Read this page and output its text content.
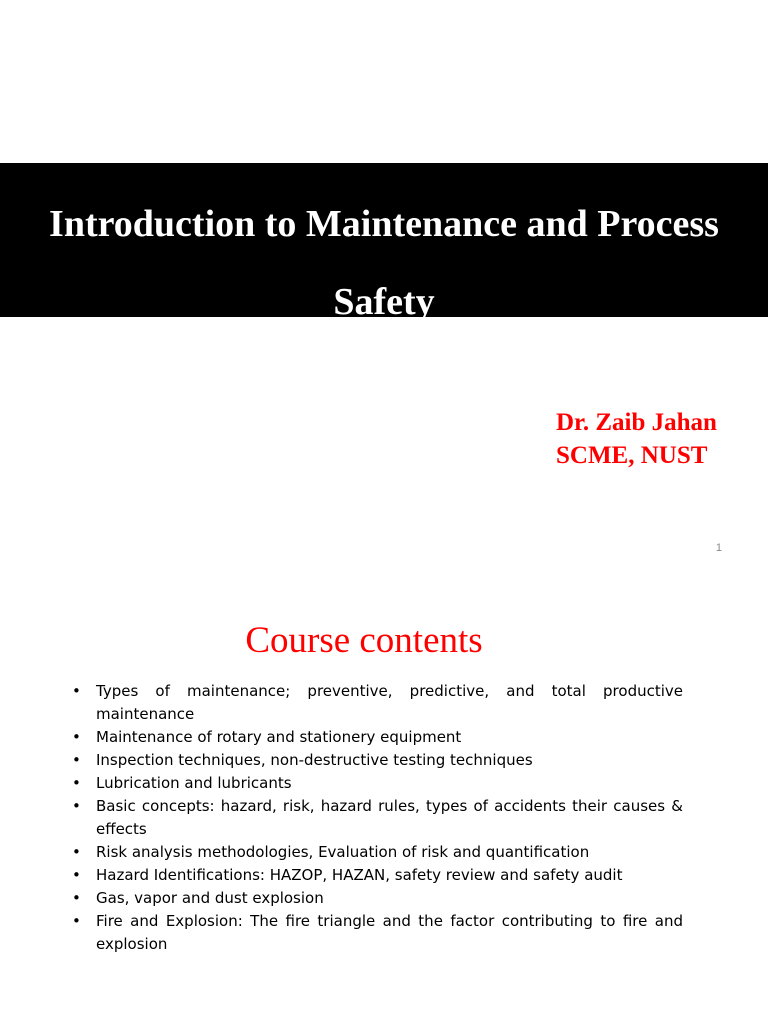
Introduction to Maintenance and Process Safety
Dr. Zaib Jahan
SCME, NUST
1
Course contents
• Types of maintenance; preventive, predictive, and total productive maintenance
• Maintenance of rotary and stationery equipment
• Inspection techniques, non-destructive testing techniques
• Lubrication and lubricants
• Basic concepts: hazard, risk, hazard rules, types of accidents their causes & effects
• Risk analysis methodologies, Evaluation of risk and quantification
• Hazard Identifications: HAZOP, HAZAN, safety review and safety audit
• Gas, vapor and dust explosion
• Fire and Explosion: The fire triangle and the factor contributing to fire and explosion
